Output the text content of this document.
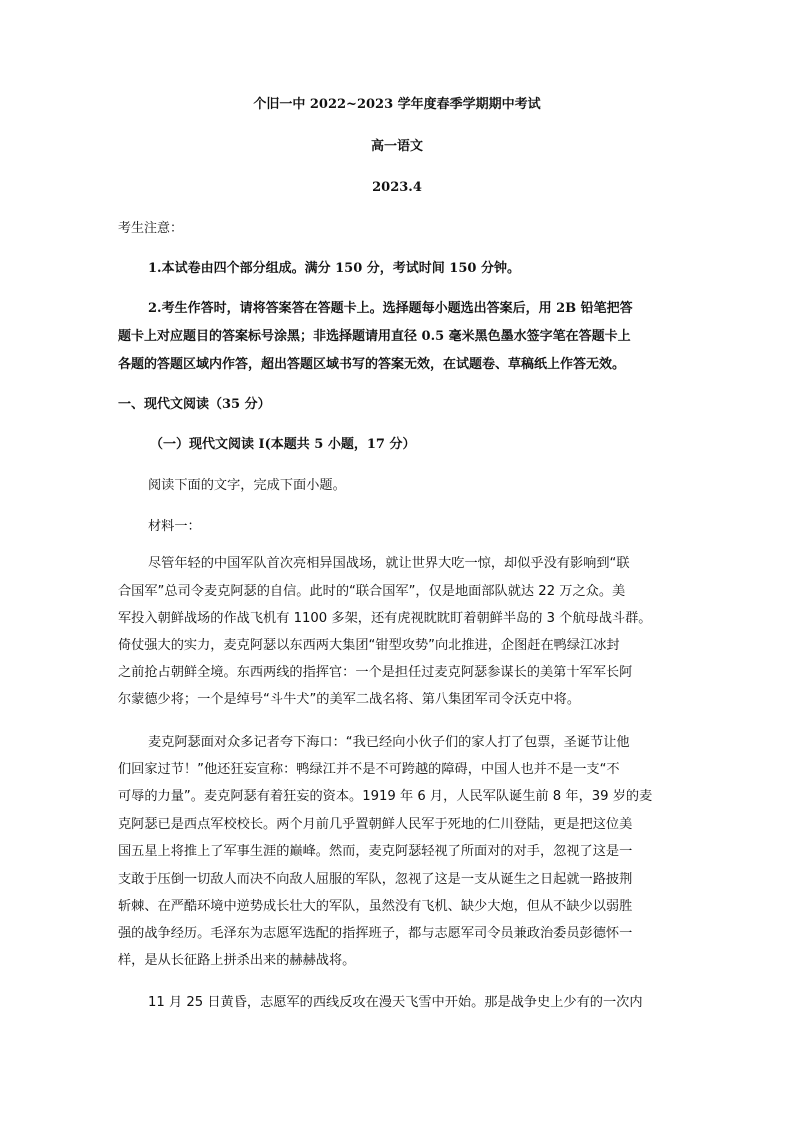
个旧一中 2022~2023 学年度春季学期期中考试
高一语文
2023.4
考生注意：
1.本试卷由四个部分组成。满分 150 分，考试时间 150 分钟。
2.考生作答时，请将答案答在答题卡上。选择题每小题选出答案后，用 2B 铅笔把答
题卡上对应题目的答案标号涂黑；非选择题请用直径 0.5 毫米黑色墨水签字笔在答题卡上
各题的答题区域内作答，超出答题区域书写的答案无效，在试题卷、草稿纸上作答无效。
一、现代文阅读（35 分）
（一）现代文阅读 I(本题共 5 小题，17 分）
阅读下面的文字，完成下面小题。
材料一：
尽管年轻的中国军队首次亮相异国战场，就让世界大吃一惊，却似乎没有影响到“联
合国军”总司令麦克阿瑟的自信。此时的“联合国军”，仅是地面部队就达 22 万之众。美
军投入朝鲜战场的作战飞机有 1100 多架，还有虎视眈眈盯着朝鲜半岛的 3 个航母战斗群。
倚仗强大的实力，麦克阿瑟以东西两大集团“钳型攻势”向北推进，企图赶在鸭绿江冰封
之前抢占朝鲜全境。东西两线的指挥官：一个是担任过麦克阿瑟参谋长的美第十军军长阿
尔蒙德少将；一个是绰号“斗牛犬”的美军二战名将、第八集团军司令沃克中将。
麦克阿瑟面对众多记者夸下海口：“我已经向小伙子们的家人打了包票，圣诞节让他
们回家过节！”他还狂妄宣称：鸭绿江并不是不可跨越的障碍，中国人也并不是一支“不
可辱的力量”。麦克阿瑟有着狂妄的资本。1919 年 6 月，人民军队诞生前 8 年，39 岁的麦
克阿瑟已是西点军校校长。两个月前几乎置朝鲜人民军于死地的仁川登陆，更是把这位美
国五星上将推上了军事生涯的巅峰。然而，麦克阿瑟轻视了所面对的对手，忽视了这是一
支敢于压倒一切敌人而决不向敌人屈服的军队，忽视了这是一支从诞生之日起就一路披荆
斩棘、在严酷环境中逆势成长壮大的军队，虽然没有飞机、缺少大炮，但从不缺少以弱胜
强的战争经历。毛泽东为志愿军选配的指挥班子，都与志愿军司令员兼政治委员彭德怀一
样，是从长征路上拼杀出来的赫赫战将。
11 月 25 日黄昏，志愿军的西线反攻在漫天飞雪中开始。那是战争史上少有的一次内
